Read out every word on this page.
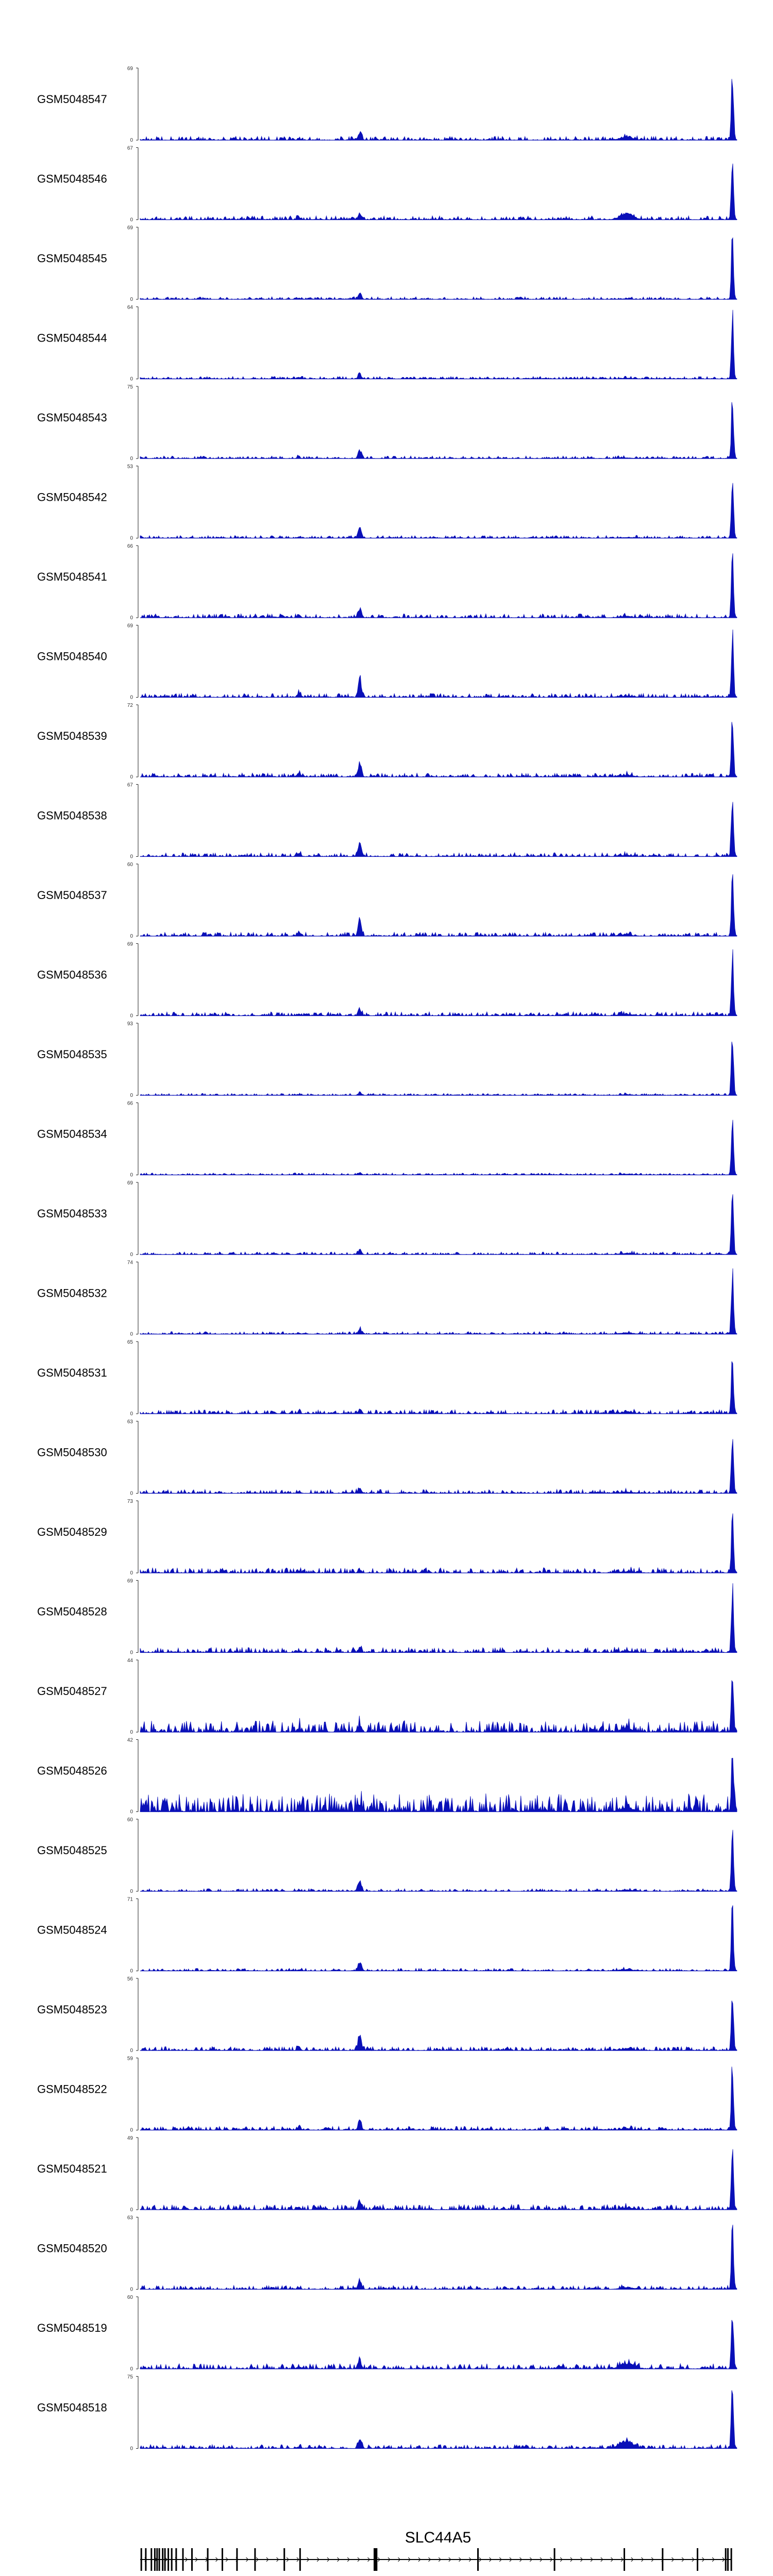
GSM5048547
69
0
GSM5048546
67
0
GSM5048545
69
0
GSM5048544
64
0
GSM5048543
75
0
GSM5048542
53
0
GSM5048541
66
0
GSM5048540
69
0
GSM5048539
72
0
GSM5048538
67
0
GSM5048537
60
0
GSM5048536
69
0
GSM5048535
93
0
GSM5048534
66
0
GSM5048533
69
0
GSM5048532
74
0
GSM5048531
65
0
GSM5048530
63
0
GSM5048529
73
0
GSM5048528
69
0
GSM5048527
44
0
GSM5048526
42
0
GSM5048525
60
0
GSM5048524
71
0
GSM5048523
56
0
GSM5048522
59
0
GSM5048521
49
0
GSM5048520
63
0
GSM5048519
60
0
GSM5048518
75
0
SLC44A5
